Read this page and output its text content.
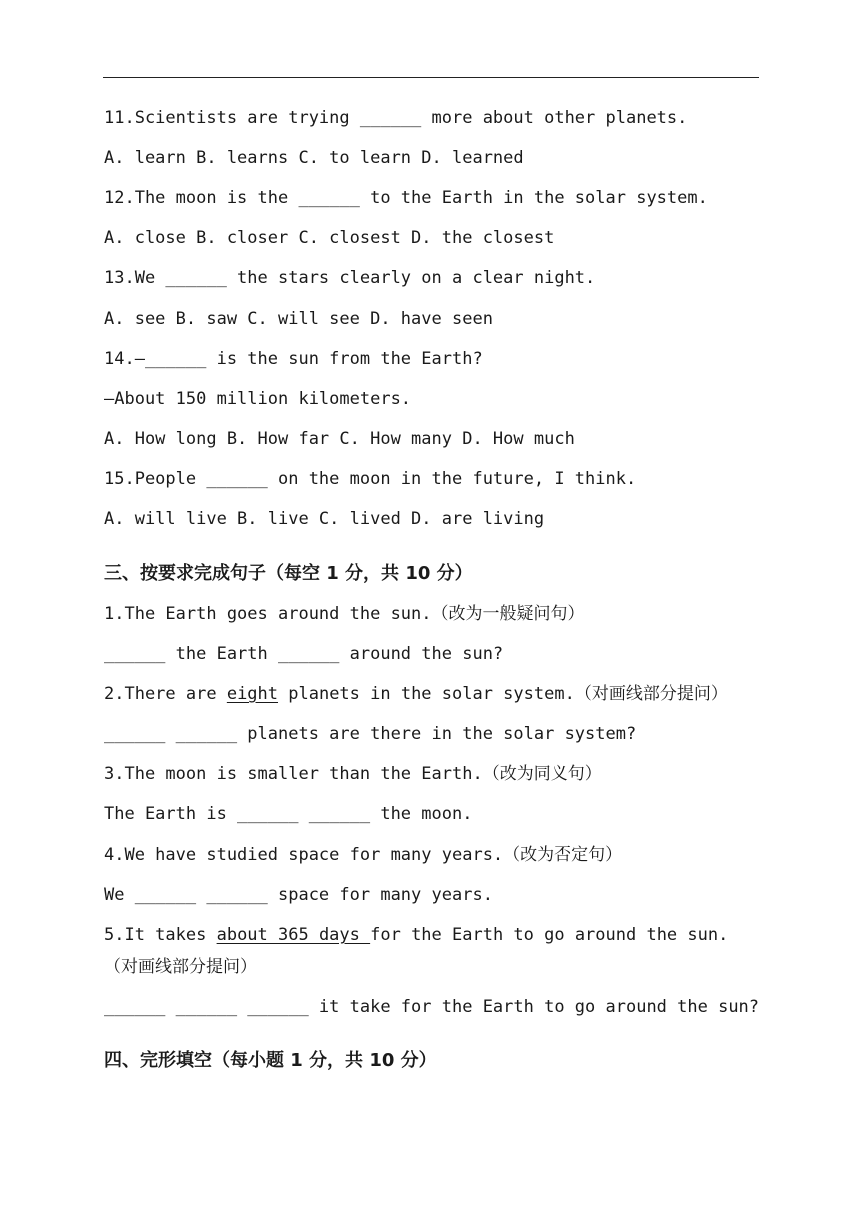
11.Scientists are trying ______ more about other planets.
A. learn B. learns C. to learn D. learned
12.The moon is the ______ to the Earth in the solar system.
A. close B. closer C. closest D. the closest
13.We ______ the stars clearly on a clear night.
A. see B. saw C. will see D. have seen
14.—______ is the sun from the Earth?
—About 150 million kilometers.
A. How long B. How far C. How many D. How much
15.People ______ on the moon in the future, I think.
A. will live B. live C. lived D. are living
三、按要求完成句子（每空 1 分，共 10 分）
1.The Earth goes around the sun.（改为一般疑问句）
______ the Earth ______ around the sun?
2.There are eight planets in the solar system.（对画线部分提问）
______ ______ planets are there in the solar system?
3.The moon is smaller than the Earth.（改为同义句）
The Earth is ______ ______ the moon.
4.We have studied space for many years.（改为否定句）
We ______ ______ space for many years.
5.It takes about 365 days for the Earth to go around the sun.
（对画线部分提问）
______ ______ ______ it take for the Earth to go around the sun?
四、完形填空（每小题 1 分，共 10 分）
